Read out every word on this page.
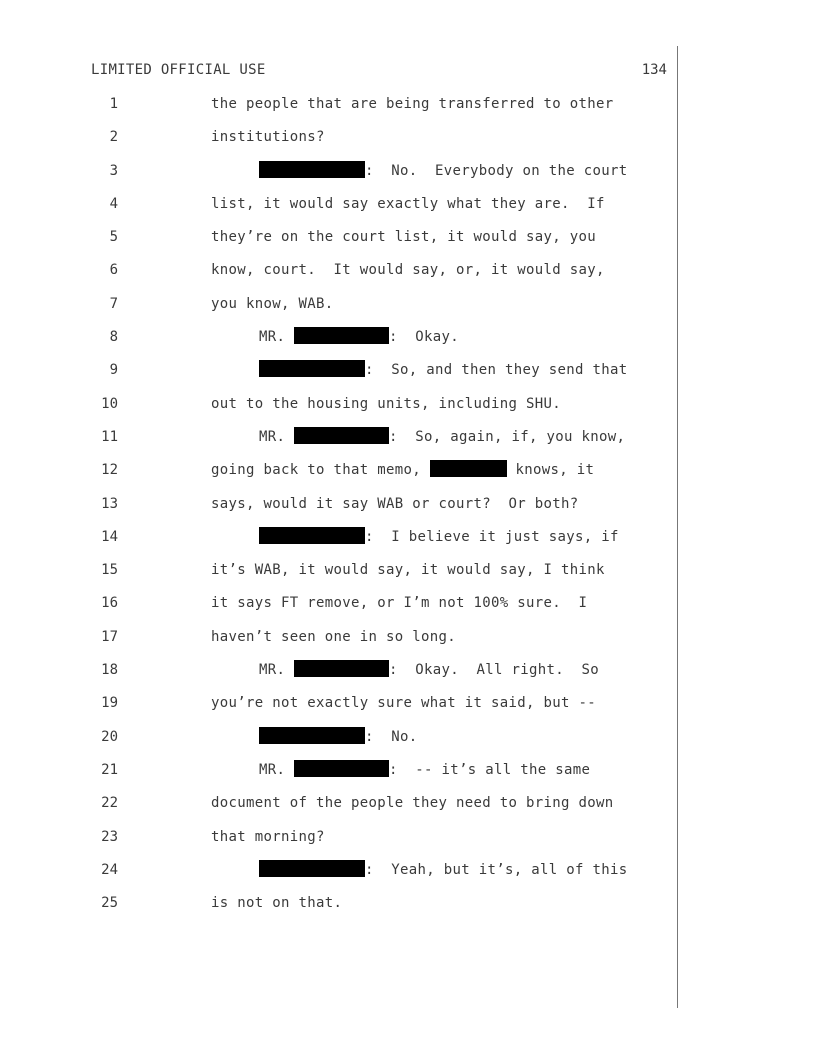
LIMITED OFFICIAL USE	134
1	the people that are being transferred to other
2	institutions?
3	:  No.  Everybody on the court
4	list, it would say exactly what they are.  If
5	they’re on the court list, it would say, you
6	know, court.  It would say, or, it would say,
7	you know, WAB.
8	MR.	:  Okay.
9	:  So, and then they send that
10	out to the housing units, including SHU.
11	MR.	:  So, again, if, you know,
12	going back to that memo,	knows, it
13	says, would it say WAB or court?  Or both?
14	:  I believe it just says, if
15	it’s WAB, it would say, it would say, I think
16	it says FT remove, or I’m not 100% sure.  I
17	haven’t seen one in so long.
18	MR.	:  Okay.  All right.  So
19	you’re not exactly sure what it said, but --
20	:  No.
21	MR.	:  -- it’s all the same
22	document of the people they need to bring down
23	that morning?
24	:  Yeah, but it’s, all of this
25	is not on that.
